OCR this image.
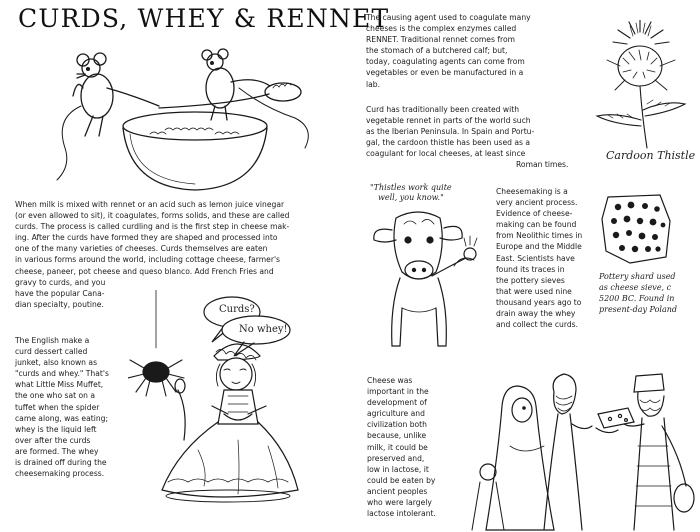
CURDS, WHEY & RENNET
The causing agent used to coagulate many
cheeses is the complex enzymes called
RENNET. Traditional rennet comes from
the stomach of a butchered calf; but,
today, coagulating agents can come from
vegetables or even be manufactured in a
lab.
Curd has traditionally been created with
vegetable rennet in parts of the world such
as the Iberian Peninsula. In Spain and Portu-
gal, the cardoon thistle has been used as a
coagulant for local cheeses, at least since
Roman times.
When milk is mixed with rennet or an acid such as lemon juice vinegar
(or even allowed to sit), it coagulates, forms solids, and these are called
curds. The process is called curdling and is the first step in cheese mak-
ing. After the curds have formed they are shaped and processed into
one of the many varieties of cheeses. Curds themselves are eaten
in various forms around the world, including cottage cheese, farmer's
cheese, paneer, pot cheese and queso blanco. Add French Fries and
gravy to curds, and you
have the popular Cana-
dian specialty, poutine.
The English make a
curd dessert called
junket, also known as
"curds and whey." That's
what Little Miss Muffet,
the one who sat on a
tuffet when the spider
came along, was eating;
whey is the liquid left
over after the curds
are formed. The whey
is drained off during the
cheesemaking process.
Cheesemaking is a
very ancient process.
Evidence of cheese-
making can be found
from Neolithic times in
Europe and the Middle
East. Scientists have
found its traces in
the pottery sieves
that were used nine
thousand years ago to
drain away the whey
and collect the curds.
Cheese was
important in the
development of
agriculture and
civilization both
because, unlike
milk, it could be
preserved and,
low in lactose, it
could be eaten by
ancient peoples
who were largely
lactose intolerant.
Cardoon Thistle
"Thistles work quite
well, you know."
Pottery shard used
as cheese sieve, c
5200 BC. Found in
present-day Poland
Curds?
No whey!
